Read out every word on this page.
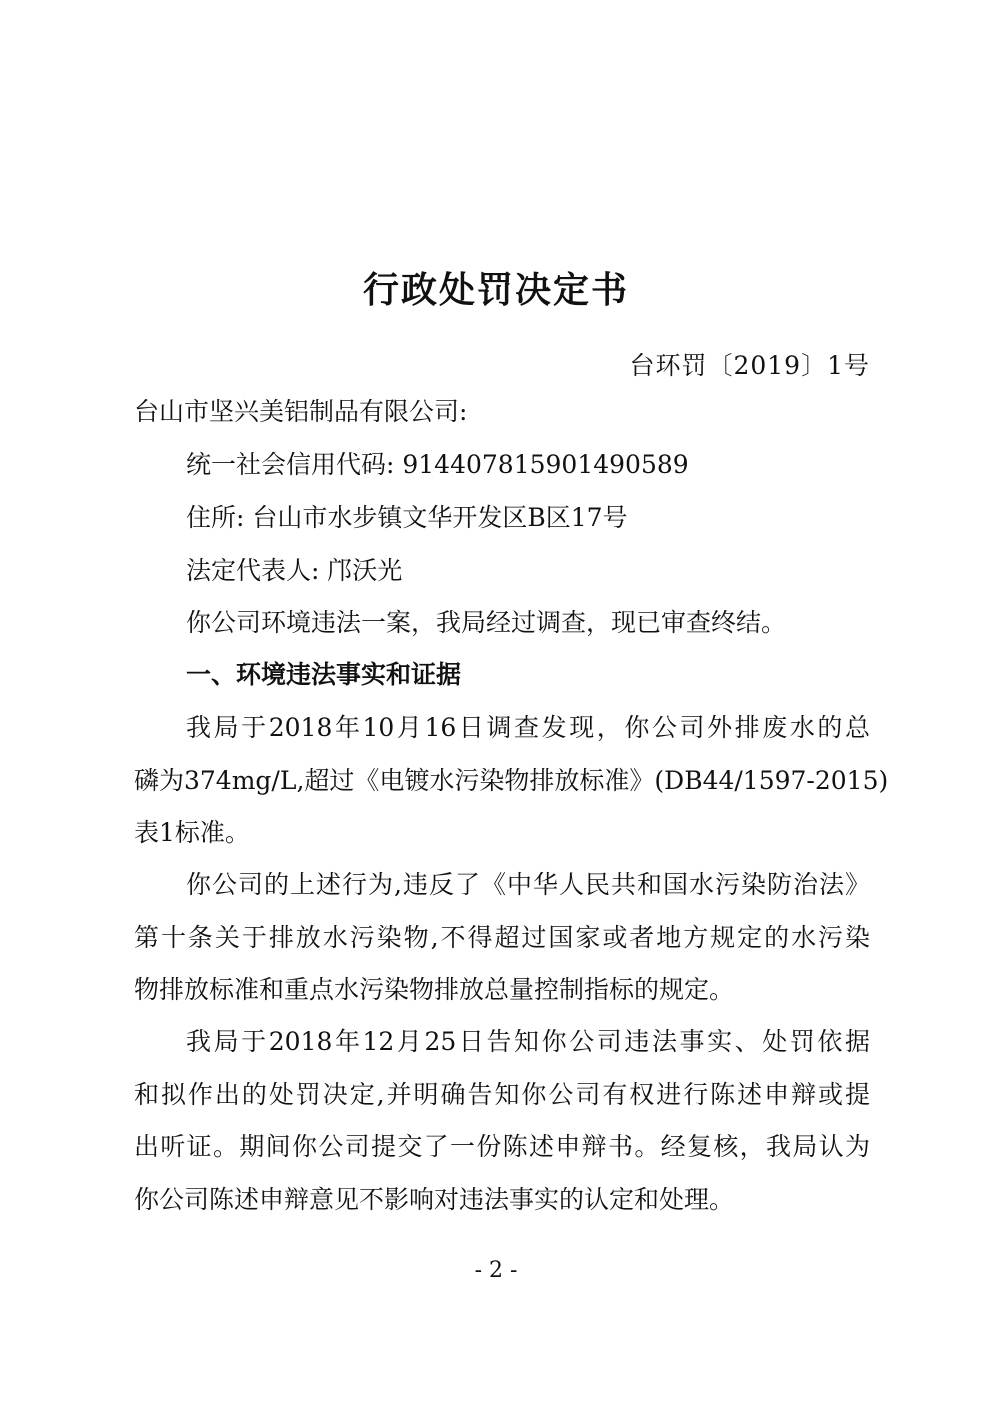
行政处罚决定书
台环罚〔2019〕1号
台山市坚兴美铝制品有限公司:
统一社会信用代码: 914407815901490589
住所: 台山市水步镇文华开发区B区17号
法定代表人: 邝沃光
你公司环境违法一案，我局经过调查，现已审查终结。
一、环境违法事实和证据
我局于2018年10月16日调查发现，你公司外排废水的总
磷为374mg/L,超过《电镀水污染物排放标准》(DB44/1597-2015)
表1标准。
你公司的上述行为,违反了《中华人民共和国水污染防治法》
第十条关于排放水污染物,不得超过国家或者地方规定的水污染
物排放标准和重点水污染物排放总量控制指标的规定。
我局于2018年12月25日告知你公司违法事实、处罚依据
和拟作出的处罚决定,并明确告知你公司有权进行陈述申辩或提
出听证。期间你公司提交了一份陈述申辩书。经复核，我局认为
你公司陈述申辩意见不影响对违法事实的认定和处理。
- 2 -
